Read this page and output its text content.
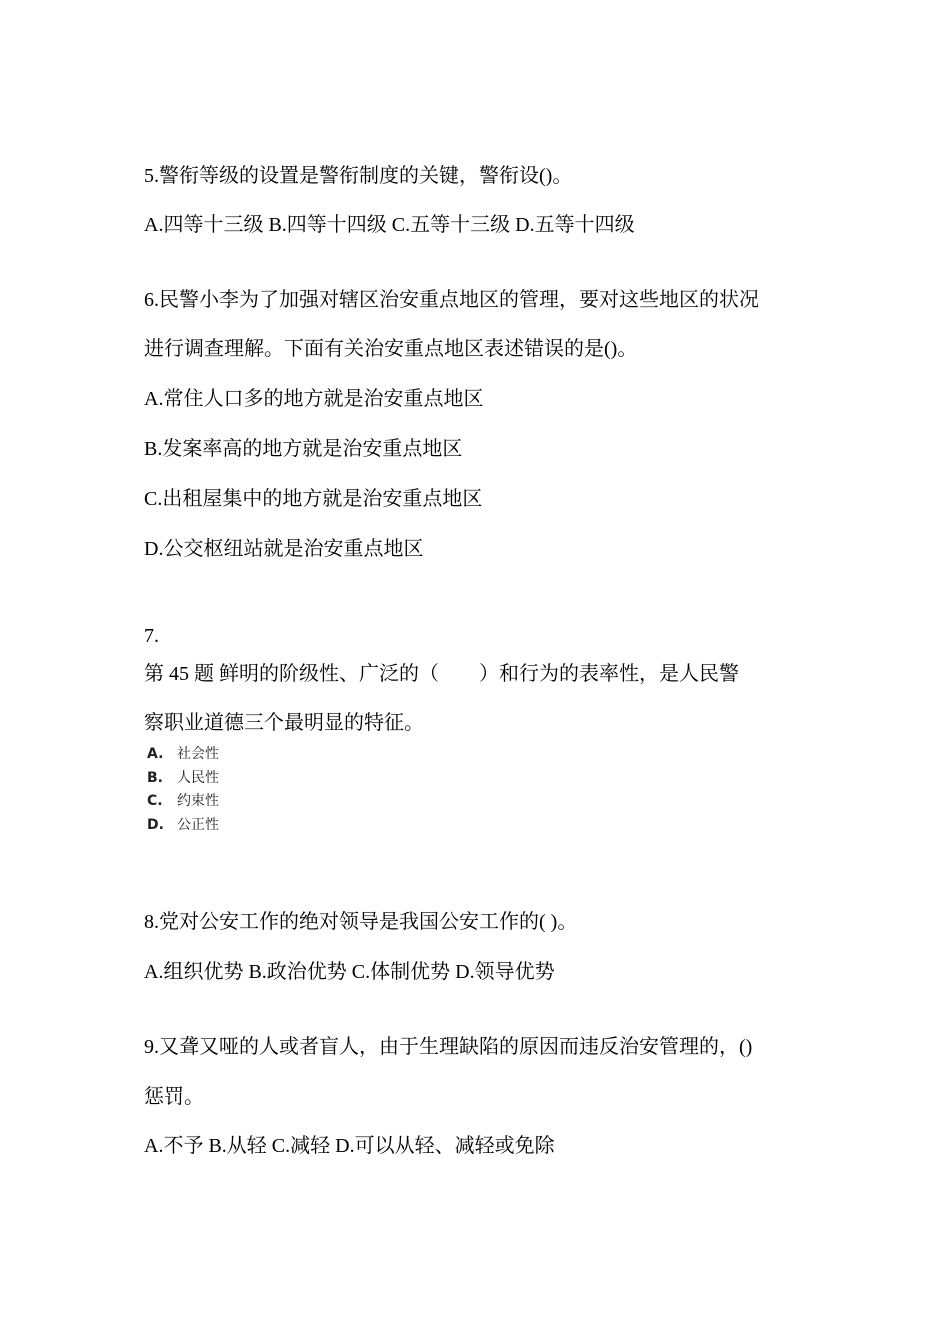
5.警衔等级的设置是警衔制度的关键，警衔设()。
A.四等十三级 B.四等十四级 C.五等十三级 D.五等十四级
6.民警小李为了加强对辖区治安重点地区的管理，要对这些地区的状况
进行调查理解。下面有关治安重点地区表述错误的是()。
A.常住人口多的地方就是治安重点地区
B.发案率高的地方就是治安重点地区
C.出租屋集中的地方就是治安重点地区
D.公交枢纽站就是治安重点地区
7.
第 45 题 鲜明的阶级性、广泛的（　　）和行为的表率性，是人民警
察职业道德三个最明显的特征。
A. 社会性
B. 人民性
C. 约束性
D. 公正性
8.党对公安工作的绝对领导是我国公安工作的( )。
A.组织优势 B.政治优势 C.体制优势 D.领导优势
9.又聋又哑的人或者盲人，由于生理缺陷的原因而违反治安管理的，()
惩罚。
A.不予 B.从轻 C.减轻 D.可以从轻、减轻或免除
